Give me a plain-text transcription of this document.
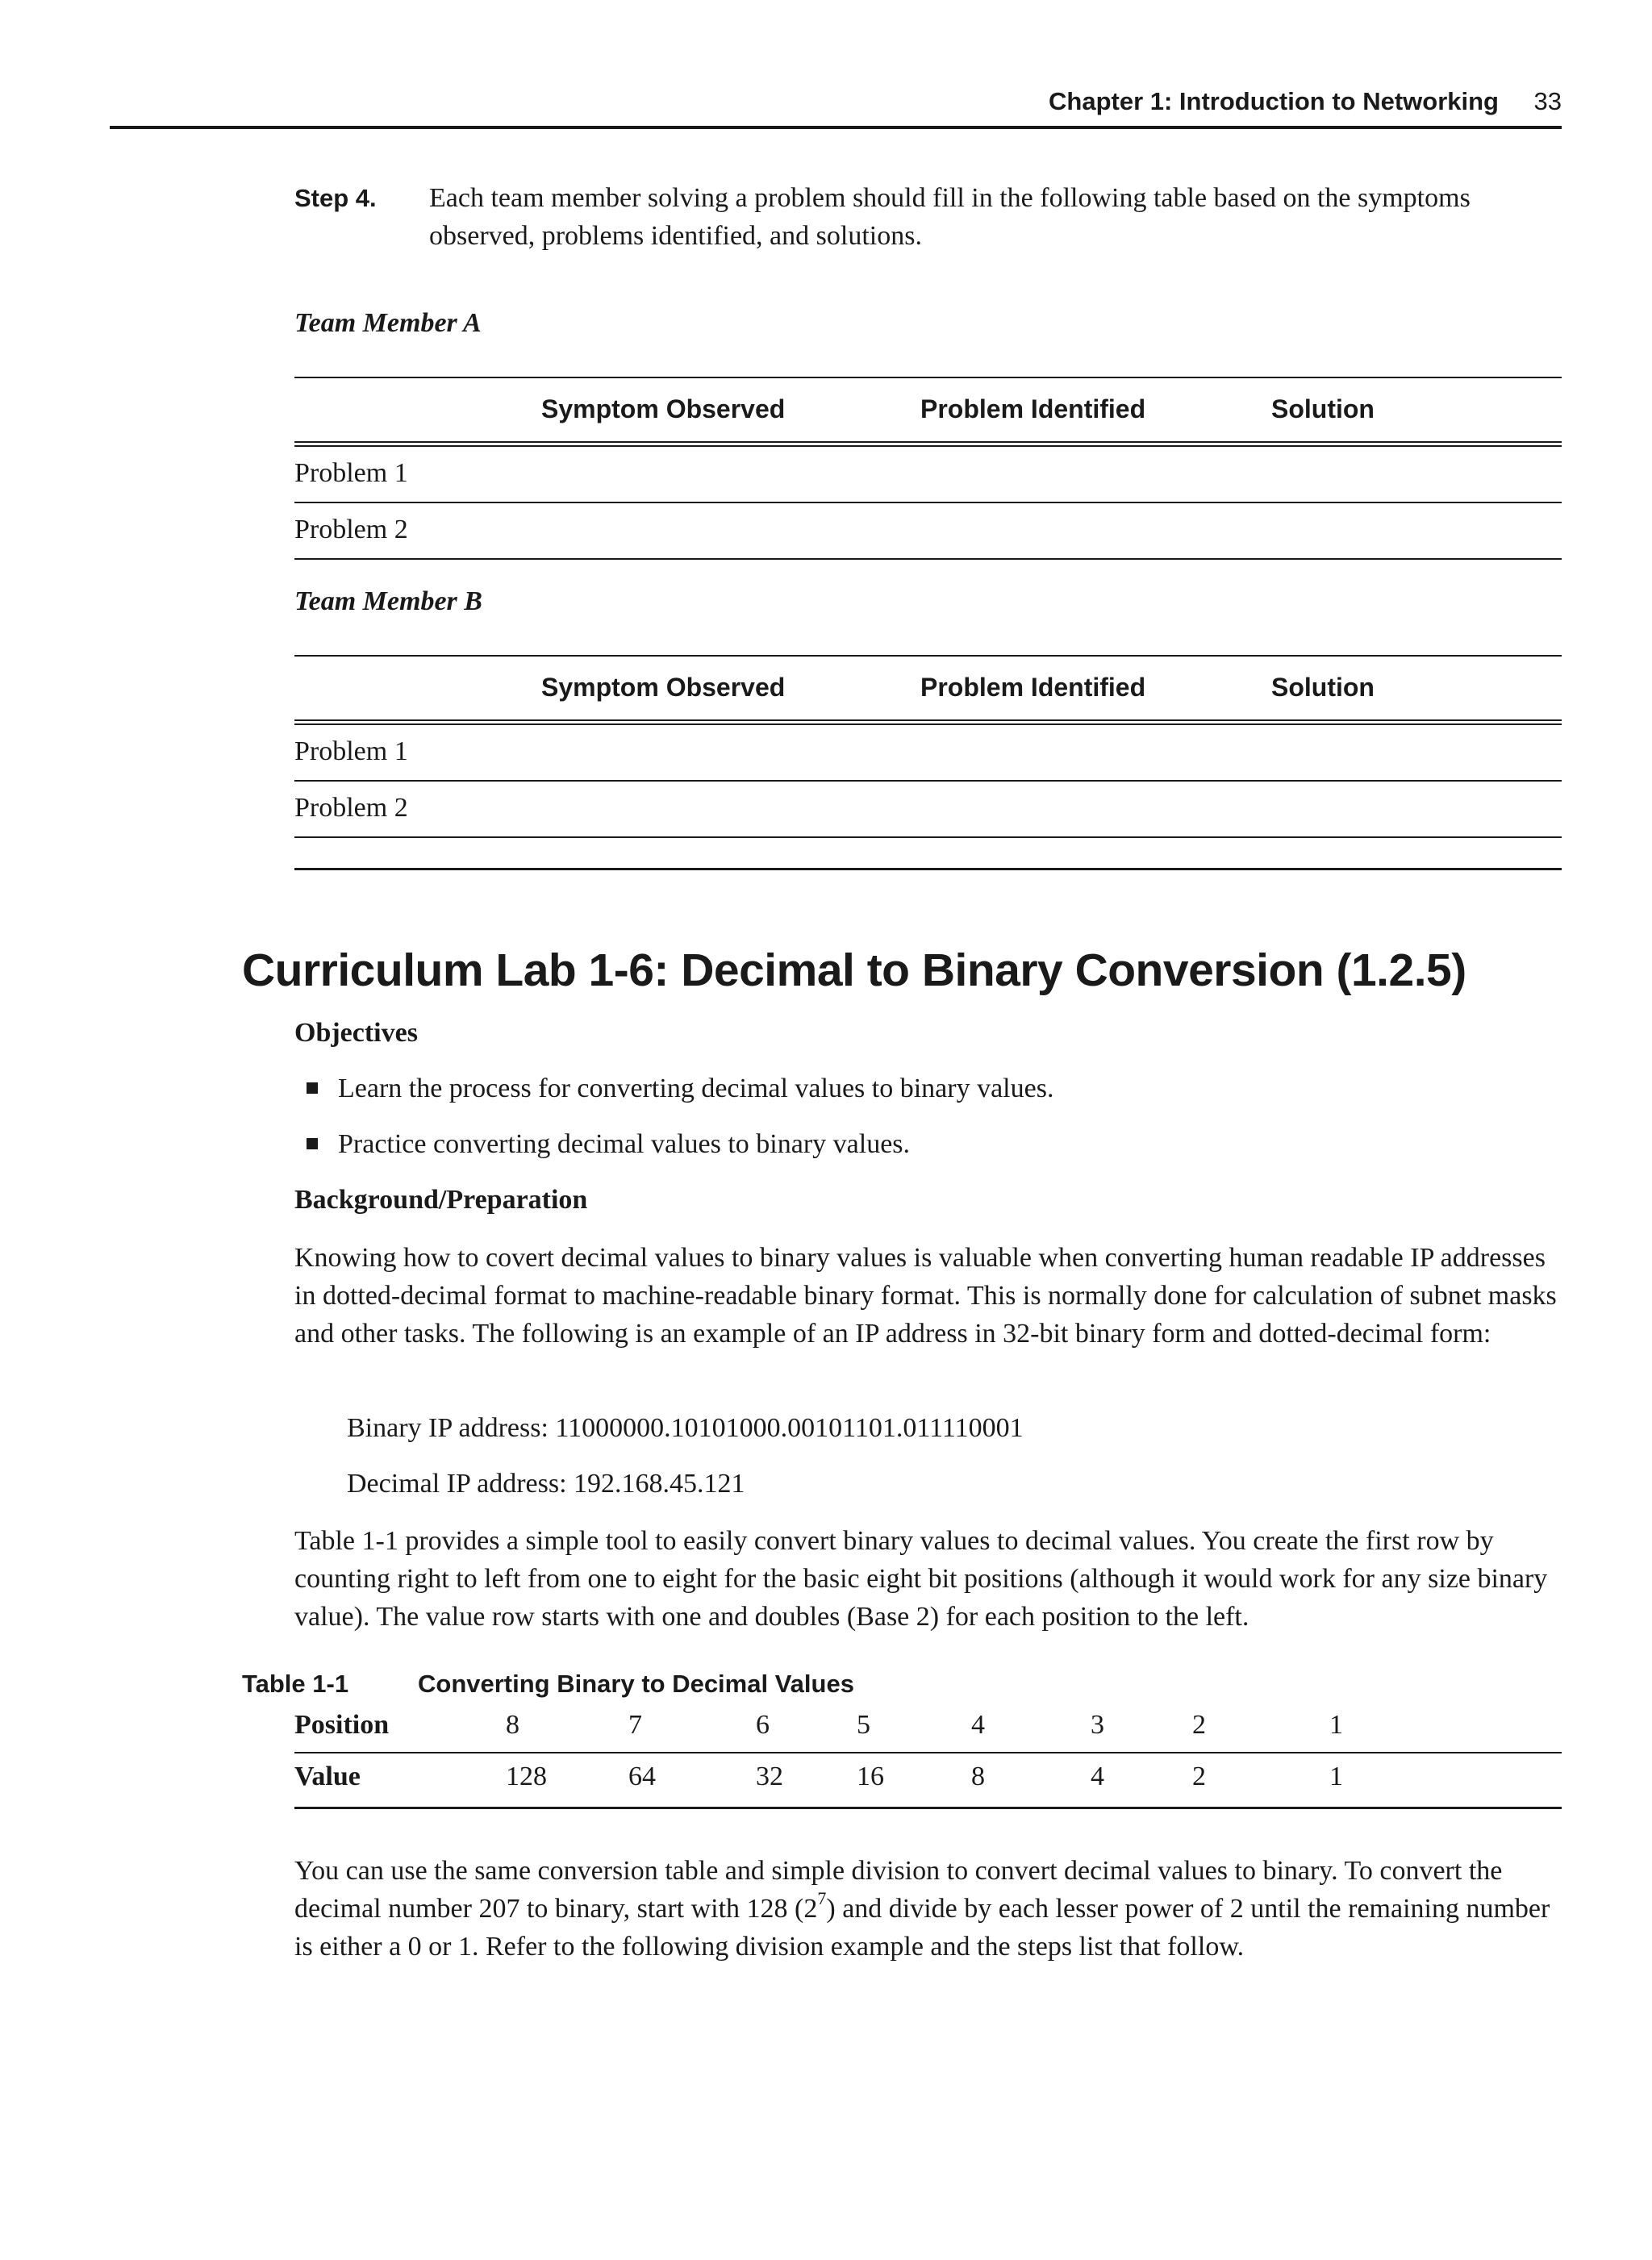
Chapter 1: Introduction to Networking 33
Step 4. Each team member solving a problem should fill in the following table based on the symptoms observed, problems identified, and solutions.
Team Member A
Symptom Observed	Problem Identified	Solution
Problem 1
Problem 2
Team Member B
Symptom Observed	Problem Identified	Solution
Problem 1
Problem 2
Curriculum Lab 1-6: Decimal to Binary Conversion (1.2.5)
Objectives
Learn the process for converting decimal values to binary values.
Practice converting decimal values to binary values.
Background/Preparation
Knowing how to covert decimal values to binary values is valuable when converting human readable IP addresses in dotted-decimal format to machine-readable binary format. This is normally done for calculation of subnet masks and other tasks. The following is an example of an IP address in 32-bit binary form and dotted-decimal form:
Binary IP address: 11000000.10101000.00101101.011110001
Decimal IP address: 192.168.45.121
Table 1-1 provides a simple tool to easily convert binary values to decimal values. You create the first row by counting right to left from one to eight for the basic eight bit positions (although it would work for any size binary value). The value row starts with one and doubles (Base 2) for each position to the left.
Table 1-1	Converting Binary to Decimal Values
Position	8	7	6	5	4	3	2	1
Value	128	64	32	16	8	4	2	1
You can use the same conversion table and simple division to convert decimal values to binary. To convert the decimal number 207 to binary, start with 128 $(2^7)$ and divide by each lesser power of 2 until the remaining number is either a 0 or 1. Refer to the following division example and the steps list that follow.
